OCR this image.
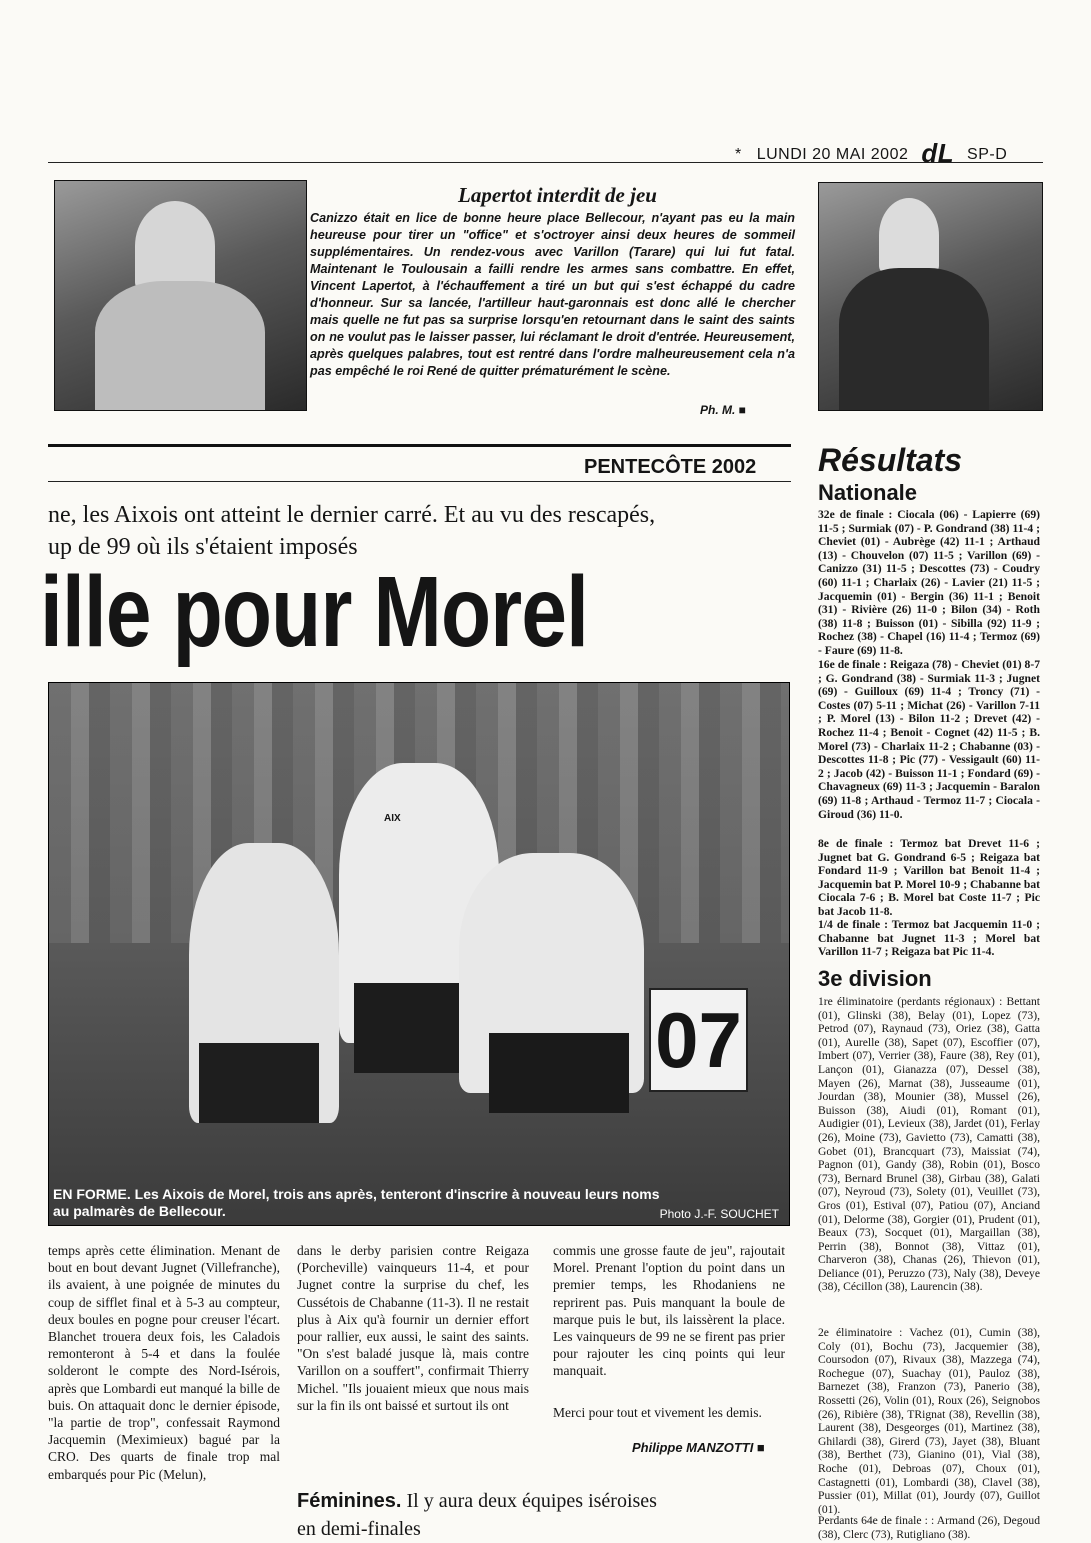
* LUNDI 20 MAI 2002 dL SP-D
Lapertot interdit de jeu
Canizzo était en lice de bonne heure place Bellecour, n'ayant pas eu la main heureuse pour tirer un "office" et s'octroyer ainsi deux heures de sommeil supplémentaires. Un rendez-vous avec Varillon (Tarare) qui lui fut fatal. Maintenant le Toulousain a failli rendre les armes sans combattre. En effet, Vincent Lapertot, à l'échauffement a tiré un but qui s'est échappé du cadre d'honneur. Sur sa lancée, l'artilleur haut-garonnais est donc allé le chercher mais quelle ne fut pas sa surprise lorsqu'en retournant dans le saint des saints on ne voulut pas le laisser passer, lui réclamant le droit d'entrée. Heureusement, après quelques palabres, tout est rentré dans l'ordre malheureusement cela n'a pas empêché le roi René de quitter prématurément le scène.
Ph. M. ■
PENTECÔTE 2002
ne, les Aixois ont atteint le dernier carré. Et au vu des rescapés,
up de 99 où ils s'étaient imposés
ille pour Morel
07
AIX
EN FORME. Les Aixois de Morel, trois ans après, tenteront d'inscrire à nouveau leurs noms
au palmarès de Bellecour.	Photo J.-F. SOUCHET
temps après cette élimination. Menant de bout en bout devant Jugnet (Villefranche), ils avaient, à une poignée de minutes du coup de sifflet final et à 5-3 au compteur, deux boules en pogne pour creuser l'écart. Blanchet trouera deux fois, les Caladois remonteront à 5-4 et dans la foulée solderont le compte des Nord-Isérois, après que Lombardi eut manqué la bille de buis. On attaquait donc le dernier épisode, "la partie de trop", confessait Raymond Jacquemin (Meximieux) bagué par la CRO. Des quarts de finale trop mal embarqués pour Pic (Melun),
dans le derby parisien contre Reigaza (Porcheville) vainqueurs 11-4, et pour Jugnet contre la surprise du chef, les Cussétois de Chabanne (11-3). Il ne restait plus à Aix qu'à fournir un dernier effort pour rallier, eux aussi, le saint des saints. "On s'est baladé jusque là, mais contre Varillon on a souffert", confirmait Thierry Michel. "Ils jouaient mieux que nous mais sur la fin ils ont baissé et surtout ils ont
commis une grosse faute de jeu", rajoutait Morel. Prenant l'option du point dans un premier temps, les Rhodaniens ne reprirent pas. Puis manquant la boule de marque puis le but, ils laissèrent la place. Les vainqueurs de 99 ne se firent pas prier pour rajouter les cinq points qui leur manquait.
Merci pour tout et vivement les demis.
Philippe MANZOTTI ■
Féminines. Il y aura deux équipes iséroises
en demi-finales
Résultats
Nationale
32e de finale : Ciocala (06) - Lapierre (69) 11-5 ; Surmiak (07) - P. Gondrand (38) 11-4 ; Cheviet (01) - Aubrège (42) 11-1 ; Arthaud (13) - Chouvelon (07) 11-5 ; Varillon (69) - Canizzo (31) 11-5 ; Descottes (73) - Coudry (60) 11-1 ; Charlaix (26) - Lavier (21) 11-5 ; Jacquemin (01) - Bergin (36) 11-1 ; Benoit (31) - Rivière (26) 11-0 ; Bilon (34) - Roth (38) 11-8 ; Buisson (01) - Sibilla (92) 11-9 ; Rochez (38) - Chapel (16) 11-4 ; Termoz (69) - Faure (69) 11-8.
16e de finale : Reigaza (78) - Cheviet (01) 8-7 ; G. Gondrand (38) - Surmiak 11-3 ; Jugnet (69) - Guilloux (69) 11-4 ; Troncy (71) - Costes (07) 5-11 ; Michat (26) - Varillon 7-11 ; P. Morel (13) - Bilon 11-2 ; Drevet (42) - Rochez 11-4 ; Benoit - Cognet (42) 11-5 ; B. Morel (73) - Charlaix 11-2 ; Chabanne (03) - Descottes 11-8 ; Pic (77) - Vessigault (60) 11-2 ; Jacob (42) - Buisson 11-1 ; Fondard (69) - Chavagneux (69) 11-3 ; Jacquemin - Baralon (69) 11-8 ; Arthaud - Termoz 11-7 ; Ciocala - Giroud (36) 11-0.
8e de finale : Termoz bat Drevet 11-6 ; Jugnet bat G. Gondrand 6-5 ; Reigaza bat Fondard 11-9 ; Varillon bat Benoit 11-4 ; Jacquemin bat P. Morel 10-9 ; Chabanne bat Ciocala 7-6 ; B. Morel bat Coste 11-7 ; Pic bat Jacob 11-8.
1/4 de finale : Termoz bat Jacquemin 11-0 ; Chabanne bat Jugnet 11-3 ; Morel bat Varillon 11-7 ; Reigaza bat Pic 11-4.
3e division
1re éliminatoire (perdants régionaux) : Bettant (01), Glinski (38), Belay (01), Lopez (73), Petrod (07), Raynaud (73), Oriez (38), Gatta (01), Aurelle (38), Sapet (07), Escoffier (07), Imbert (07), Verrier (38), Faure (38), Rey (01), Lançon (01), Gianazza (07), Dessel (38), Mayen (26), Marnat (38), Jusseaume (01), Jourdan (38), Mounier (38), Mussel (26), Buisson (38), Aiudi (01), Romant (01), Audigier (01), Levieux (38), Jardet (01), Ferlay (26), Moine (73), Gavietto (73), Camatti (38), Gobet (01), Brancquart (73), Maissiat (74), Pagnon (01), Gandy (38), Robin (01), Bosco (73), Bernard Brunel (38), Girbau (38), Galati (07), Neyroud (73), Solety (01), Veuillet (73), Gros (01), Estival (07), Patiou (07), Anciand (01), Delorme (38), Gorgier (01), Prudent (01), Beaux (73), Socquet (01), Margaillan (38), Perrin (38), Bonnot (38), Vittaz (01), Charveron (38), Chanas (26), Thievon (01), Deliance (01), Peruzzo (73), Naly (38), Deveye (38), Cécillon (38), Laurencin (38).
2e éliminatoire : Vachez (01), Cumin (38), Coly (01), Bochu (73), Jacquemier (38), Coursodon (07), Rivaux (38), Mazzega (74), Rochegue (07), Suachay (01), Pauloz (38), Barnezet (38), Franzon (73), Panerio (38), Rossetti (26), Volin (01), Roux (26), Seignobos (26), Ribière (38), TRignat (38), Revellin (38), Laurent (38), Desgeorges (01), Martinez (38), Ghilardi (38), Girerd (73), Jayet (38), Bluant (38), Berthet (73), Gianino (01), Vial (38), Roche (01), Debroas (07), Choux (01), Castagnetti (01), Lombardi (38), Clavel (38), Pussier (01), Millat (01), Jourdy (07), Guillot (01).
Perdants 64e de finale : : Armand (26), Degoud (38), Clerc (73), Rutigliano (38).
